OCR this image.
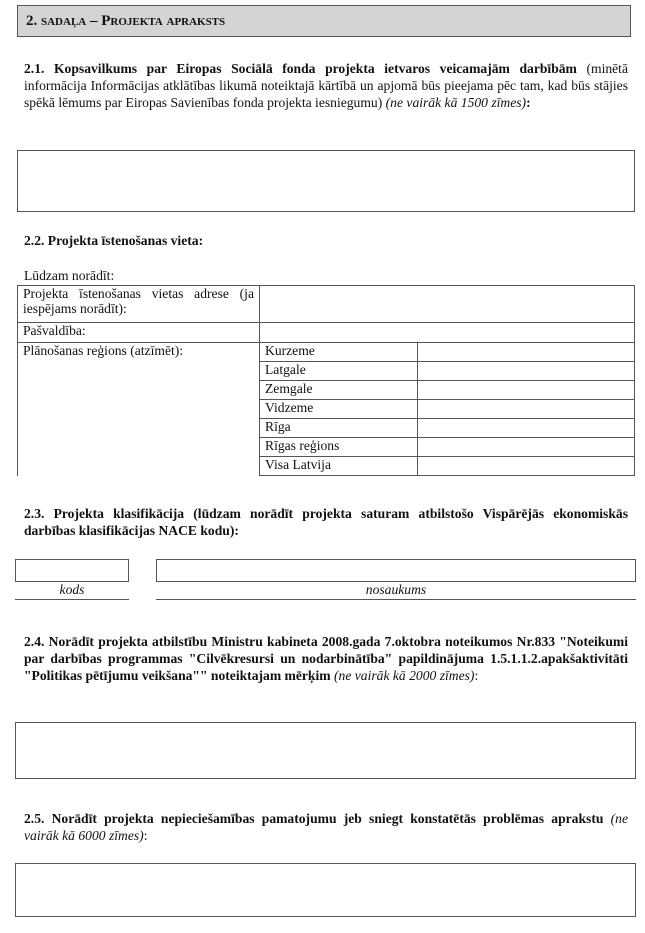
2. sadaļa – Projekta apraksts
2.1. Kopsavilkums par Eiropas Sociālā fonda projekta ietvaros veicamajām darbībām (minētā informācija Informācijas atklātības likumā noteiktajā kārtībā un apjomā būs pieejama pēc tam, kad būs stājies spēkā lēmums par Eiropas Savienības fonda projekta iesniegumu) (ne vairāk kā 1500 zīmes):
2.2. Projekta īstenošanas vieta:
Lūdzam norādīt:
Projekta īstenošanas vietas adrese (ja iespējams norādīt):		
Pašvaldība:		
Plānošanas reģions (atzīmēt):	Kurzeme	
	Latgale	
	Zemgale	
	Vidzeme	
	Rīga	
	Rīgas reģions	
	Visa Latvija	
2.3. Projekta klasifikācija (lūdzam norādīt projekta saturam atbilstošo Vispārējās ekonomiskās darbības klasifikācijas NACE kodu):
kods	nosaukums
2.4. Norādīt projekta atbilstību Ministru kabineta 2008.gada 7.oktobra noteikumos Nr.833 "Noteikumi par darbības programmas "Cilvēkresursi un nodarbinātība" papildinājuma 1.5.1.1.2.apakšaktivitāti "Politikas pētījumu veikšana"" noteiktajam mērķim (ne vairāk kā 2000 zīmes):
2.5. Norādīt projekta nepieciešamības pamatojumu jeb sniegt konstatētās problēmas aprakstu (ne vairāk kā 6000 zīmes):
